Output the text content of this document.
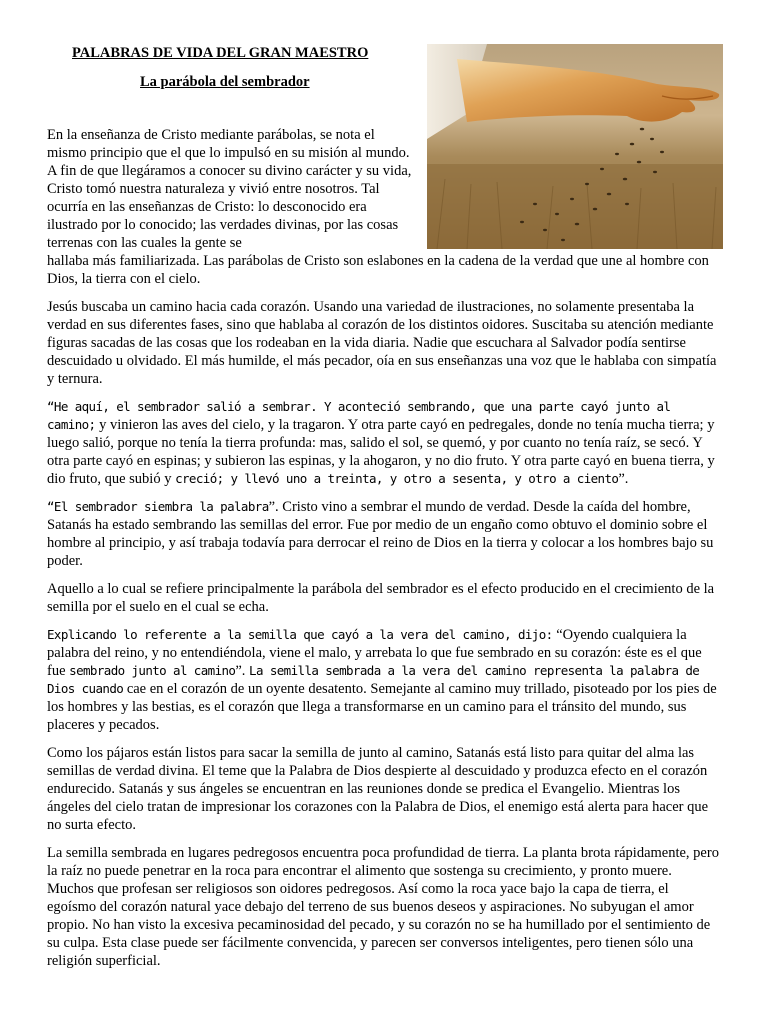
PALABRAS DE VIDA DEL GRAN MAESTRO
La parábola del sembrador

En la enseñanza de Cristo mediante parábolas, se nota el mismo principio que el que lo impulsó en su misión al mundo. A fin de que llegáramos a conocer su divino carácter y su vida, Cristo tomó nuestra naturaleza y vivió entre nosotros. Tal ocurría en las enseñanzas de Cristo: lo desconocido era ilustrado por lo conocido; las verdades divinas, por las cosas terrenas con las cuales la gente se
hallaba más familiarizada. Las parábolas de Cristo son eslabones en la cadena de la verdad que une al hombre con Dios, la tierra con el cielo.

Jesús buscaba un camino hacia cada corazón. Usando una variedad de ilustraciones, no solamente presentaba la verdad en sus diferentes fases, sino que hablaba al corazón de los distintos oidores. Suscitaba su atención mediante figuras sacadas de las cosas que los rodeaban en la vida diaria. Nadie que escuchara al Salvador podía sentirse descuidado u olvidado. El más humilde, el más pecador, oía en sus enseñanzas una voz que le hablaba con simpatía y ternura.

“He aquí, el sembrador salió a sembrar. Y aconteció sembrando, que una parte cayó junto al camino; y vinieron las aves del cielo, y la tragaron. Y otra parte cayó en pedregales, donde no tenía mucha tierra; y luego salió, porque no tenía la tierra profunda: mas, salido el sol, se quemó, y por cuanto no tenía raíz, se secó. Y otra parte cayó en espinas; y subieron las espinas, y la ahogaron, y no dio fruto. Y otra parte cayó en buena tierra, y dio fruto, que subió y creció; y llevó uno a treinta, y otro a sesenta, y otro a ciento”.

“El sembrador siembra la palabra”. Cristo vino a sembrar el mundo de verdad. Desde la caída del hombre, Satanás ha estado sembrando las semillas del error. Fue por medio de un engaño como obtuvo el dominio sobre el hombre al principio, y así trabaja todavía para derrocar el reino de Dios en la tierra y colocar a los hombres bajo su poder.

Aquello a lo cual se refiere principalmente la parábola del sembrador es el efecto producido en el crecimiento de la semilla por el suelo en el cual se echa.

Explicando lo referente a la semilla que cayó a la vera del camino, dijo: “Oyendo cualquiera la palabra del reino, y no entendiéndola, viene el malo, y arrebata lo que fue sembrado en su corazón: éste es el que fue sembrado junto al camino”. La semilla sembrada a la vera del camino representa la palabra de Dios cuando cae en el corazón de un oyente desatento. Semejante al camino muy trillado, pisoteado por los pies de los hombres y las bestias, es el corazón que llega a transformarse en un camino para el tránsito del mundo, sus placeres y pecados.

Como los pájaros están listos para sacar la semilla de junto al camino, Satanás está listo para quitar del alma las semillas de verdad divina. El teme que la Palabra de Dios despierte al descuidado y produzca efecto en el corazón endurecido. Satanás y sus ángeles se encuentran en las reuniones donde se predica el Evangelio. Mientras los ángeles del cielo tratan de impresionar los corazones con la Palabra de Dios, el enemigo está alerta para hacer que no surta efecto.

La semilla sembrada en lugares pedregosos encuentra poca profundidad de tierra. La planta brota rápidamente, pero la raíz no puede penetrar en la roca para encontrar el alimento que sostenga su crecimiento, y pronto muere. Muchos que profesan ser religiosos son oidores pedregosos. Así como la roca yace bajo la capa de tierra, el egoísmo del corazón natural yace debajo del terreno de sus buenos deseos y aspiraciones. No subyugan el amor propio. No han visto la excesiva pecaminosidad del pecado, y su corazón no se ha humillado por el sentimiento de su culpa. Esta clase puede ser fácilmente convencida, y parecen ser conversos inteligentes, pero tienen sólo una religión superficial.
